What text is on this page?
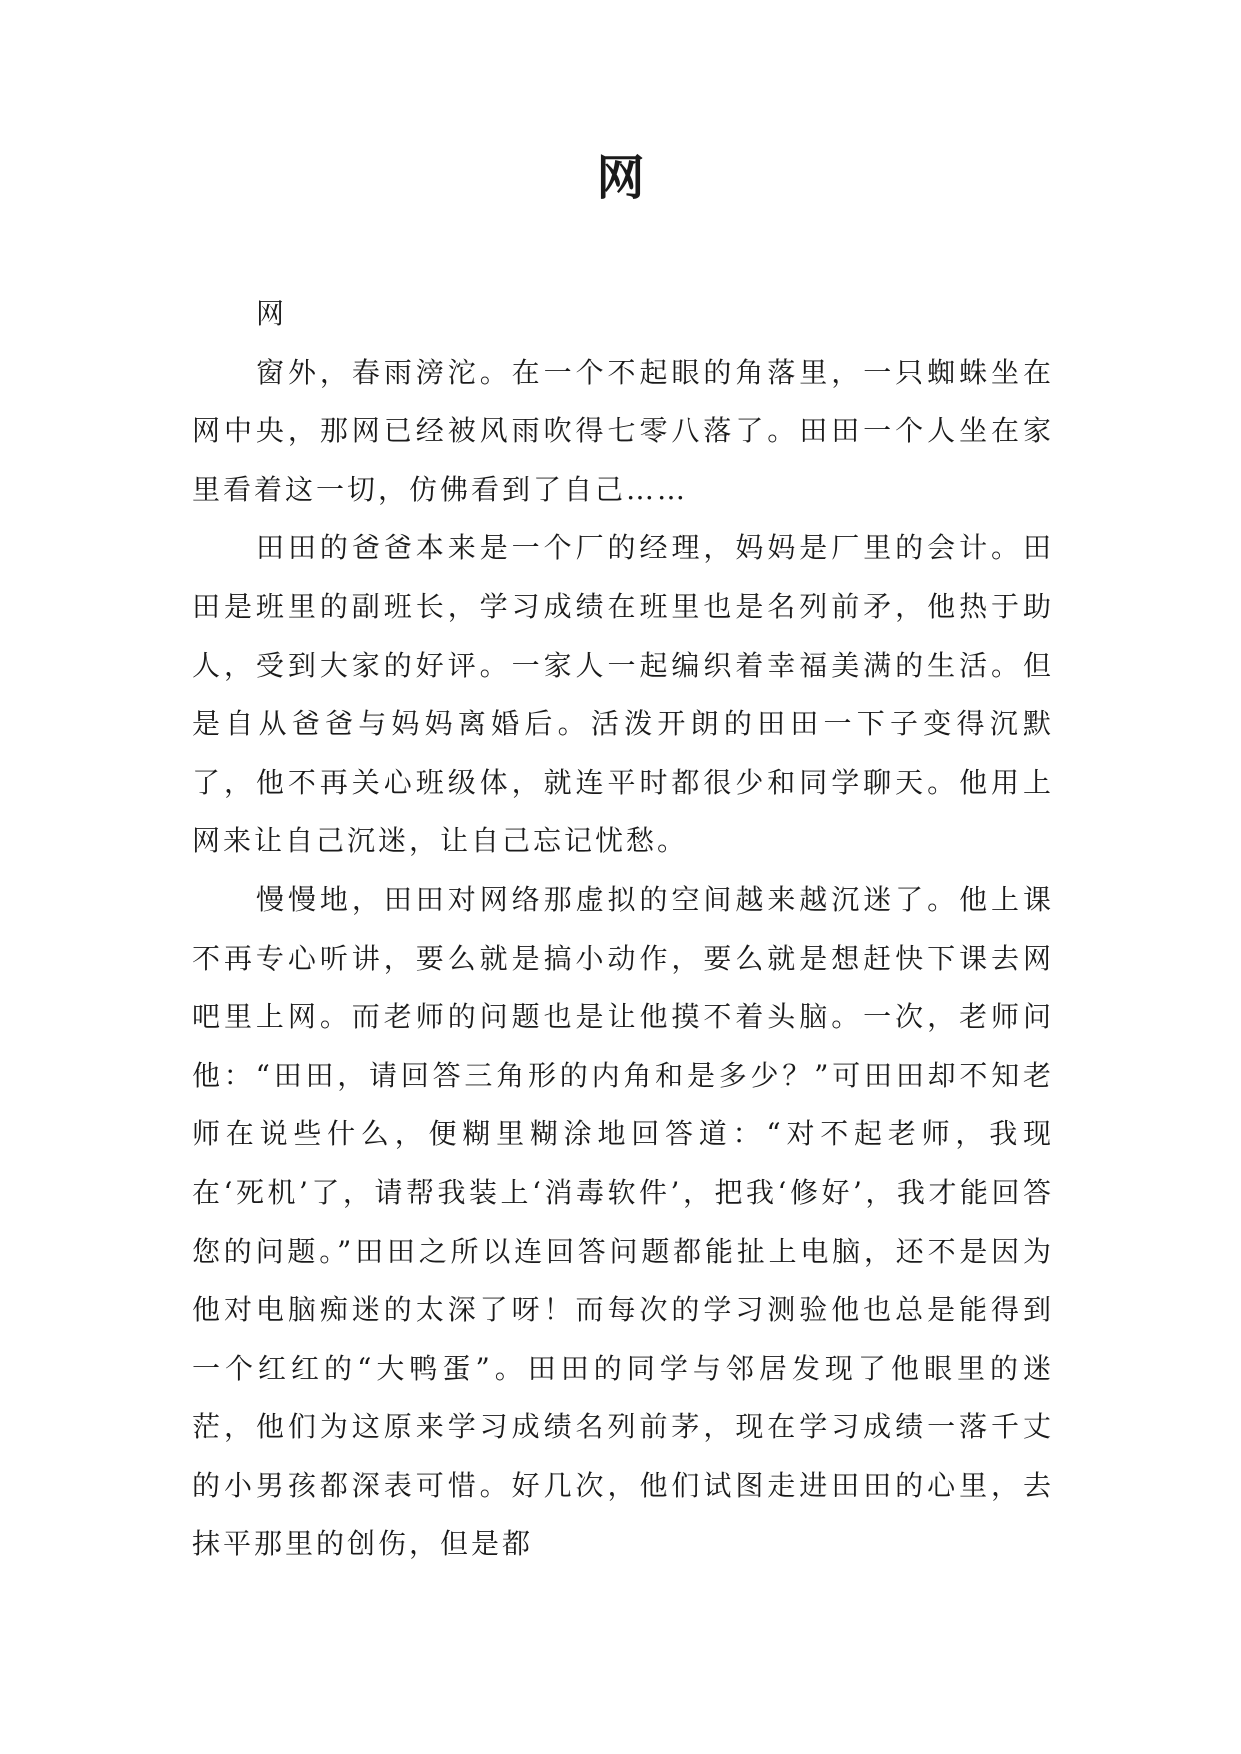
网

网

窗外，春雨滂沱。在一个不起眼的角落里，一只蜘蛛坐在网中央，那网已经被风雨吹得七零八落了。田田一个人坐在家里看着这一切，仿佛看到了自己……

田田的爸爸本来是一个厂的经理，妈妈是厂里的会计。田田是班里的副班长，学习成绩在班里也是名列前矛，他热于助人，受到大家的好评。一家人一起编织着幸福美满的生活。但是自从爸爸与妈妈离婚后。活泼开朗的田田一下子变得沉默了，他不再关心班级体，就连平时都很少和同学聊天。他用上网来让自己沉迷，让自己忘记忧愁。

慢慢地，田田对网络那虚拟的空间越来越沉迷了。他上课不再专心听讲，要么就是搞小动作，要么就是想赶快下课去网吧里上网。而老师的问题也是让他摸不着头脑。一次，老师问他：“田田，请回答三角形的内角和是多少？”可田田却不知老师在说些什么，便糊里糊涂地回答道：“对不起老师，我现在‘死机’了，请帮我装上‘消毒软件’，把我‘修好’，我才能回答您的问题。”田田之所以连回答问题都能扯上电脑，还不是因为他对电脑痴迷的太深了呀！而每次的学习测验他也总是能得到一个红红的“大鸭蛋”。田田的同学与邻居发现了他眼里的迷茫，他们为这原来学习成绩名列前茅，现在学习成绩一落千丈的小男孩都深表可惜。好几次，他们试图走进田田的心里，去抹平那里的创伤，但是都
